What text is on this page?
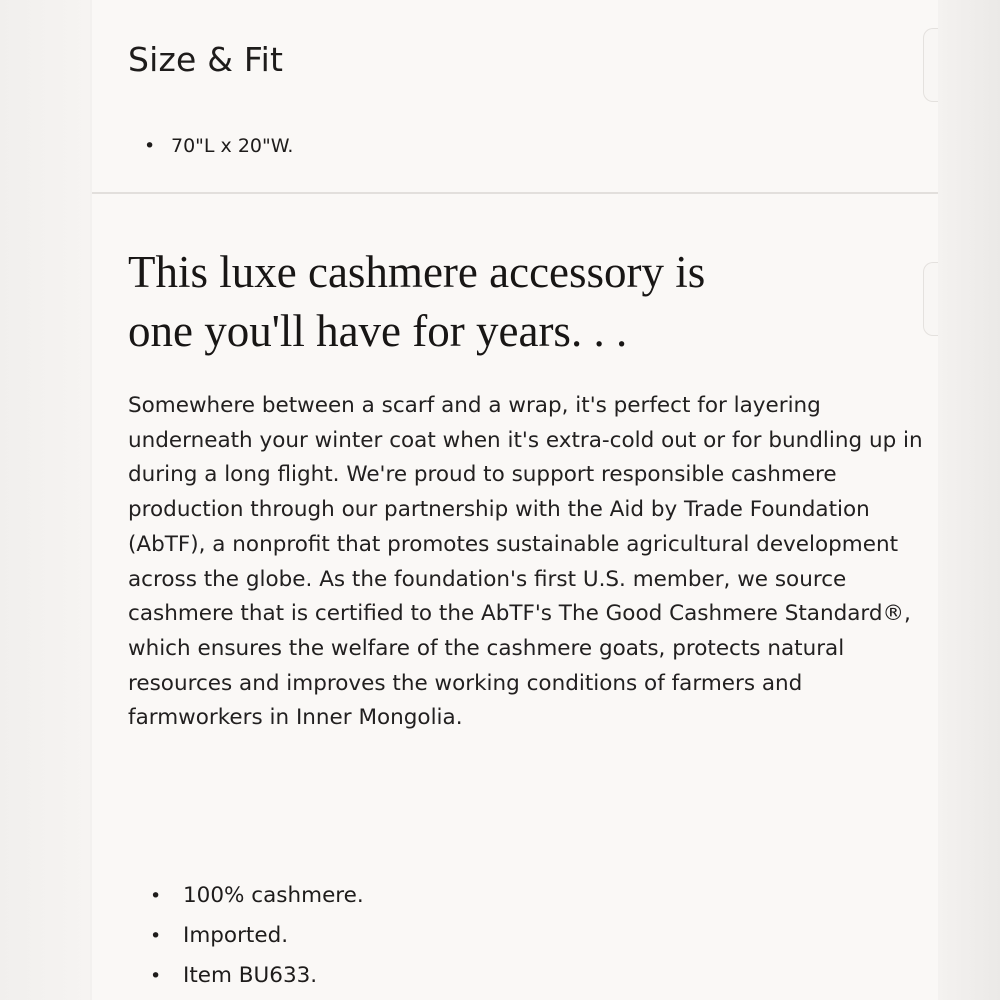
Size & Fit
• 70"L x 20"W.
This luxe cashmere accessory is
one you'll have for years. . .

Somewhere between a scarf and a wrap, it's perfect for layering underneath your winter coat when it's extra-cold out or for bundling up in during a long flight. We're proud to support responsible cashmere production through our partnership with the Aid by Trade Foundation (AbTF), a nonprofit that promotes sustainable agricultural development across the globe. As the foundation's first U.S. member, we source cashmere that is certified to the AbTF's The Good Cashmere Standard®, which ensures the welfare of the cashmere goats, protects natural resources and improves the working conditions of farmers and farmworkers in Inner Mongolia.

• 100% cashmere.
• Imported.
• Item BU633.
